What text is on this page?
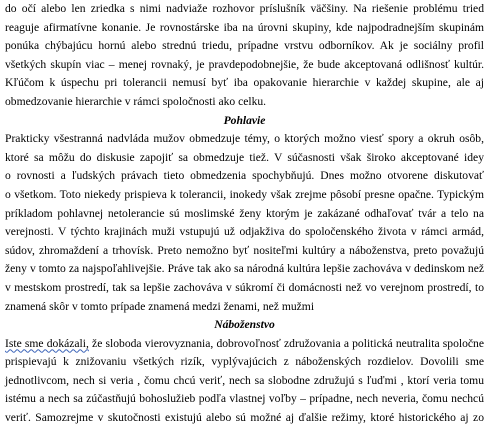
do očí alebo len zriedka s nimi nadviaže rozhovor príslušník väčšiny. Na riešenie problému tried
reaguje afirmatívne konanie. Je rovnostárske iba na úrovni skupiny, kde najpodradnejším skupinám
ponúka chýbajúcu hornú alebo strednú triedu, prípadne vrstvu odborníkov. Ak je sociálny profil
všetkých skupín viac – menej rovnaký, je pravdepodobnejšie, že bude akceptovaná odlišnosť kultúr.
Kľúčom k úspechu pri tolerancii nemusí byť iba opakovanie hierarchie v každej skupine, ale aj
obmedzovanie hierarchie v rámci spoločnosti ako celku.
Pohlavie
Prakticky všestranná nadvláda mužov obmedzuje témy, o ktorých možno viesť spory a okruh osôb,
ktoré sa môžu do diskusie zapojiť sa obmedzuje tiež. V súčasnosti však široko akceptované idey
o rovnosti a ľudských právach tieto obmedzenia spochybňujú. Dnes možno otvorene diskutovať
o všetkom. Toto niekedy prispieva k tolerancii, inokedy však zrejme pôsobí presne opačne. Typickým
príkladom pohlavnej netolerancie sú moslimské ženy ktorým je zakázané odhaľovať tvár a telo na
verejnosti. V týchto krajinách muži vstupujú už odjakživa do spoločenského života v rámci armád,
súdov, zhromaždení a trhovísk. Preto nemožno byť nositeľmi kultúry a náboženstva, preto považujú
ženy v tomto za najspoľahlivejšie. Práve tak ako sa národná kultúra lepšie zachováva v dedinskom než
v mestskom prostredí, tak sa lepšie zachováva v súkromí či domácnosti než vo verejnom prostredí, to
znamená skôr v tomto prípade znamená medzi ženami, než mužmi
Náboženstvo
Iste sme dokázali, že sloboda vierovyznania, dobrovoľnosť združovania a politická neutralita spoločne
prispievajú k znižovaniu všetkých rizík, vyplývajúcich z náboženských rozdielov. Dovolili sme
jednotlivcom, nech si veria , čomu chcú veriť, nech sa slobodne združujú s ľuďmi , ktorí veria tomu
istému a nech sa zúčastňujú bohoslužieb podľa vlastnej voľby – prípadne, nech neveria, čomu nechcú
veriť. Samozrejme v skutočnosti existujú alebo sú možné aj ďalšie režimy, ktoré historického aj zo
